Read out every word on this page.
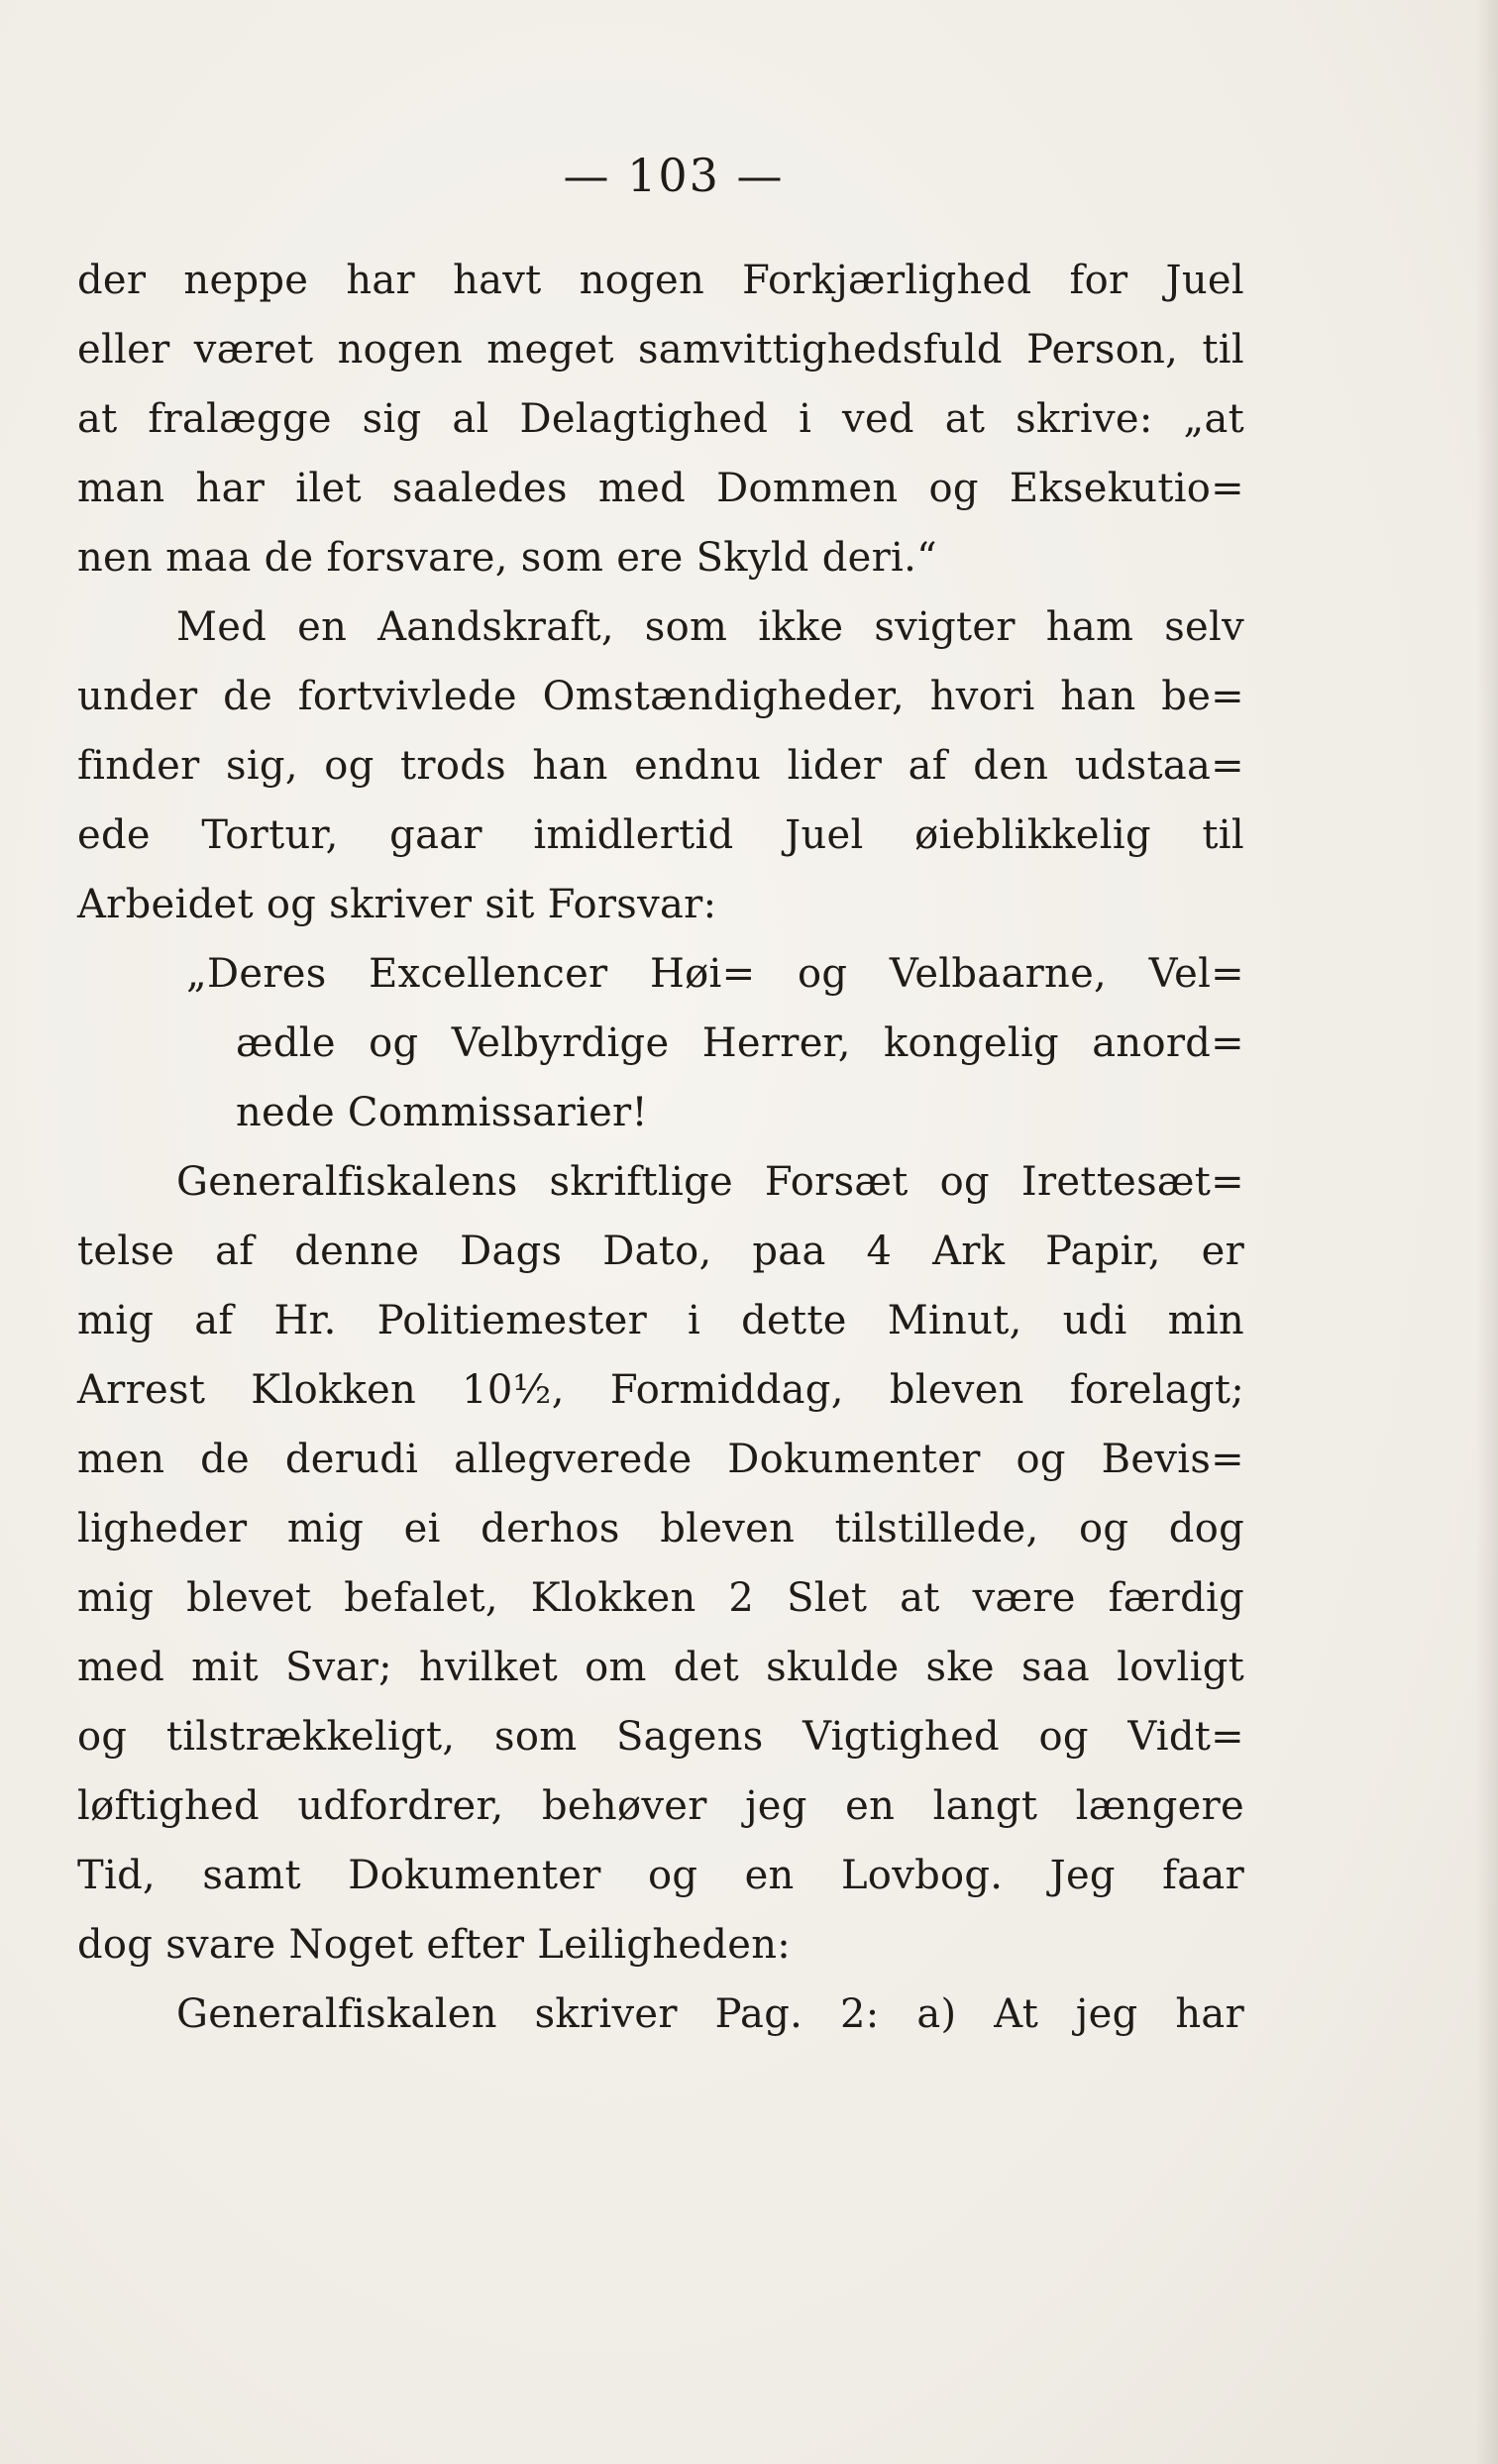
— 103 —
der neppe har havt nogen Forkjærlighed for Juel
eller været nogen meget samvittighedsfuld Person, til
at fralægge sig al Delagtighed i ved at skrive: „at
man har ilet saaledes med Dommen og Eksekutio=
nen maa de forsvare, som ere Skyld deri.“
Med en Aandskraft, som ikke svigter ham selv
under de fortvivlede Omstændigheder, hvori han be=
finder sig, og trods han endnu lider af den udstaa=
ede Tortur, gaar imidlertid Juel øieblikkelig til
Arbeidet og skriver sit Forsvar:
„Deres Excellencer Høi= og Velbaarne, Vel=
ædle og Velbyrdige Herrer, kongelig anord=
nede Commissarier!
Generalfiskalens skriftlige Forsæt og Irettesæt=
telse af denne Dags Dato, paa 4 Ark Papir, er
mig af Hr. Politiemester i dette Minut, udi min
Arrest Klokken 10½, Formiddag, bleven forelagt;
men de derudi allegverede Dokumenter og Bevis=
ligheder mig ei derhos bleven tilstillede, og dog
mig blevet befalet, Klokken 2 Slet at være færdig
med mit Svar; hvilket om det skulde ske saa lovligt
og tilstrækkeligt, som Sagens Vigtighed og Vidt=
løftighed udfordrer, behøver jeg en langt længere
Tid, samt Dokumenter og en Lovbog. Jeg faar
dog svare Noget efter Leiligheden:
Generalfiskalen skriver Pag. 2: a) At jeg har
